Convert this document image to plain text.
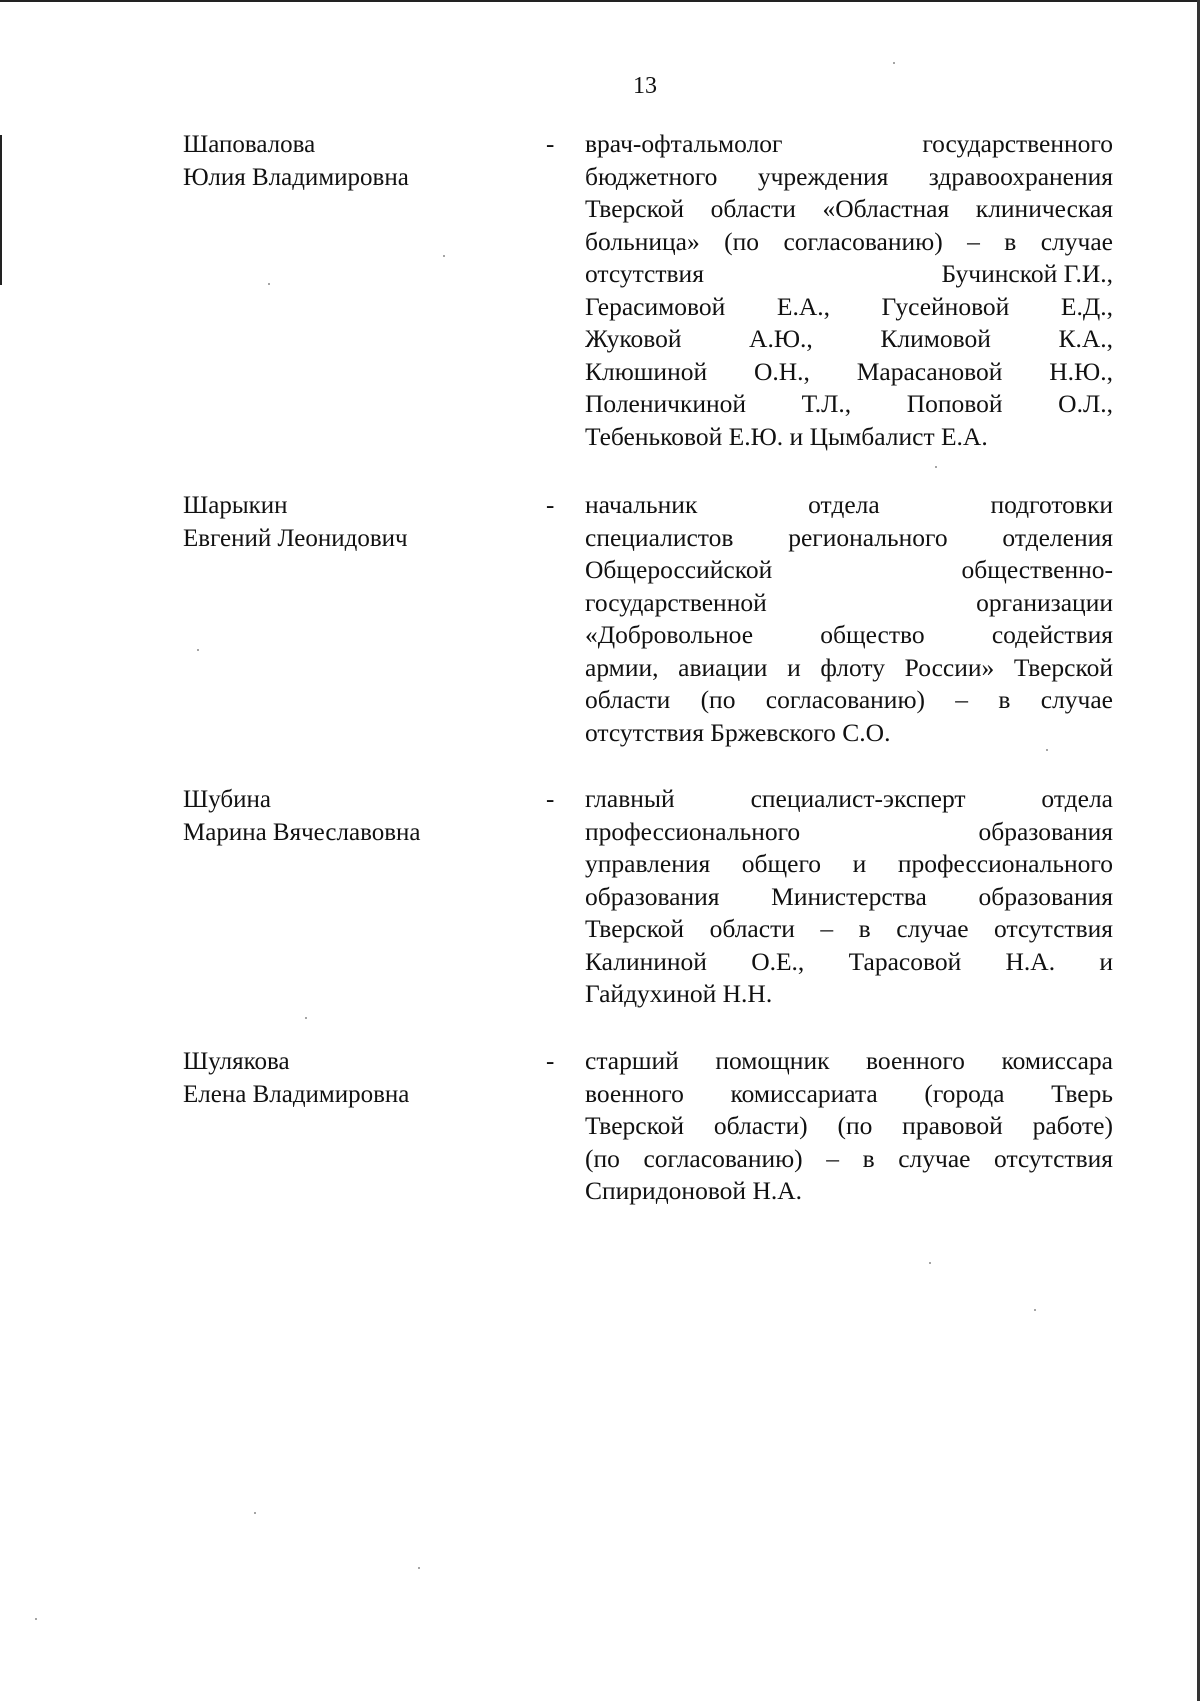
13
Шаповалова
Юлия Владимировна
- врач-офтальмолог	государственного
бюджетного учреждения здравоохранения
Тверской области «Областная клиническая
больница» (по согласованию) – в случае
отсутствия	Бучинской Г.И.,
Герасимовой Е.А., Гусейновой Е.Д.,
Жуковой А.Ю., Климовой К.А.,
Клюшиной О.Н., Марасановой Н.Ю.,
Поленичкиной Т.Л., Поповой О.Л.,
Тебеньковой Е.Ю. и Цымбалист Е.А.
Шарыкин
Евгений Леонидович
- начальник отдела подготовки
специалистов регионального отделения
Общероссийской	общественно-
государственной	организации
«Добровольное общество содействия
армии, авиации и флоту России» Тверской
области (по согласованию) – в случае
отсутствия Бржевского С.О.
Шубина
Марина Вячеславовна
- главный специалист-эксперт отдела
профессионального	образования
управления общего и профессионального
образования Министерства образования
Тверской области – в случае отсутствия
Калининой О.Е., Тарасовой Н.А. и
Гайдухиной Н.Н.
Шулякова
Елена Владимировна
- старший помощник военного комиссара
военного комиссариата (города Тверь
Тверской области) (по правовой работе)
(по согласованию) – в случае отсутствия
Спиридоновой Н.А.
